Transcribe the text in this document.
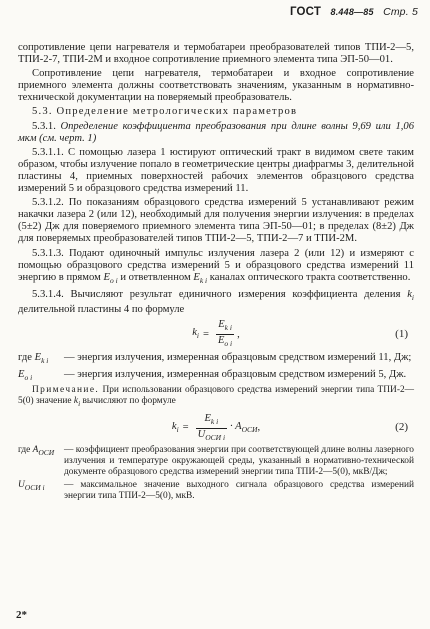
ГОСТ 8.448—85 Стр. 5

сопротивление цепи нагревателя и термобатареи преобразователей типов ТПИ-2—5, ТПИ-2-7, ТПИ-2М и входное сопротивление приемного элемента типа ЭП-50—01.

Сопротивление цепи нагревателя, термобатареи и входное сопротивление приемного элемента должны соответствовать значениям, указанным в нормативно-технической документации на поверяемый преобразователь.

5.3. Определение метрологических параметров

5.3.1. Определение коэффициента преобразования при длине волны 9,69 или 1,06 мкм (см. черт. 1)

5.3.1.1. С помощью лазера 1 юстируют оптический тракт в видимом свете таким образом, чтобы излучение попало в геометрические центры диафрагмы 3, делительной пластины 4, приемных поверхностей рабочих элементов образцового средства измерений 5 и образцового средства измерений 11.

5.3.1.2. По показаниям образцового средства измерений 5 устанавливают режим накачки лазера 2 (или 12), необходимый для получения энергии излучения: в пределах (5±2) Дж для поверяемого приемного элемента типа ЭП-50—01; в пределах (8±2) Дж для поверяемых преобразователей типов ТПИ-2—5, ТПИ-2—7 и ТПИ-2М.

5.3.1.3. Подают одиночный импульс излучения лазера 2 (или 12) и измеряют с помощью образцового средства измерений 5 и образцового средства измерений 11 энергию в прямом $E_{o i}$ и ответвленном $E_{k i}$ каналах оптического тракта соответственно.

5.3.1.4. Вычисляют результат единичного измерения коэффициента деления $k_i$ делительной пластины 4 по формуле

$k_i = \frac{E_{k i}}{E_{o i}}$ ,	(1)
где $E_{k i}$	— энергия излучения, измеренная образцовым средством измерений 11, Дж;
$E_{o i}$	— энергия излучения, измеренная образцовым средством измерений 5, Дж.

Примечание. При использовании образцового средства измерений энергии типа ТПИ-2—5(0) значение $k_i$ вычисляют по формуле

$k_i = \frac{E_{k i}}{U_{ОСИ i}} \cdot A_{ОСИ}$ ,	(2)
где $A_{ОСИ}$	— коэффициент преобразования энергии при соответствующей длине волны лазерного излучения и температуре окружающей среды, указанный в нормативно-технической документе образцового средства измерений энергии типа ТПИ-2—5(0), мкВ/Дж;
$U_{ОСИ i}$	— максимальное значение выходного сигнала образцового средства измерений энергии типа ТПИ-2—5(0), мкВ.
2*
